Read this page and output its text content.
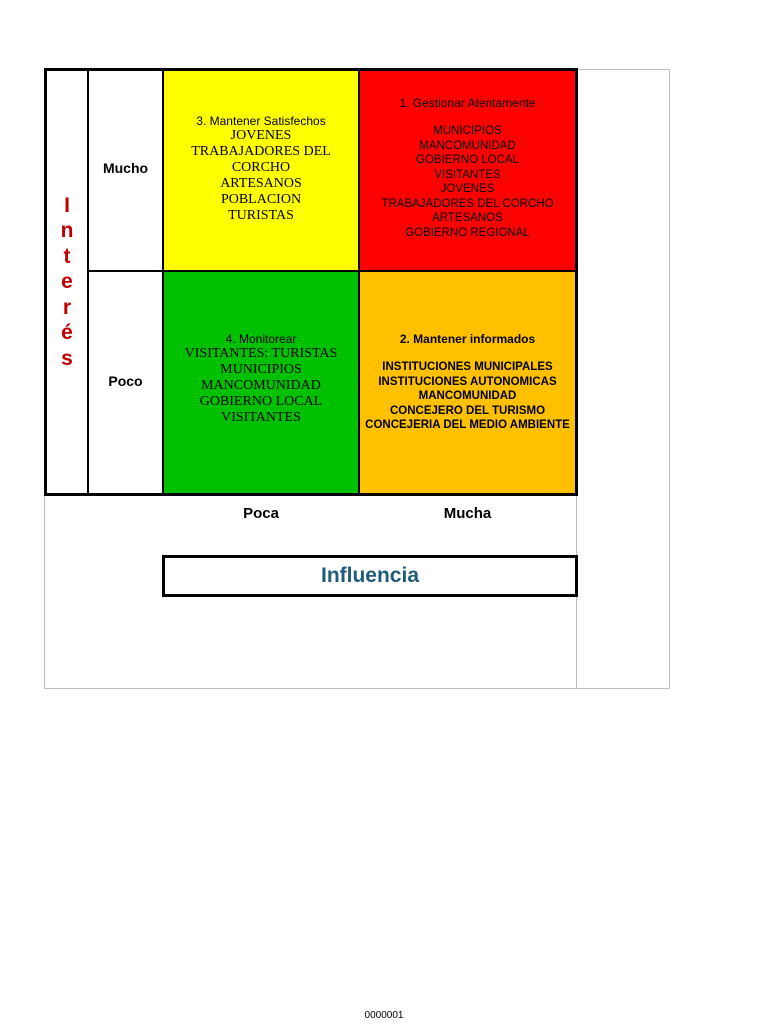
3. Mantener Satisfechos
JOVENES
TRABAJADORES DEL
CORCHO
ARTESANOS
POBLACION
TURISTAS
1. Gestionar Atentamente
MUNICIPIOS
MANCOMUNIDAD
GOBIERNO LOCAL
VISITANTES
JOVENES
TRABAJADORES DEL CORCHO
ARTESANOS
GOBIERNO REGIONAL
4. Monitorear
VISITANTES: TURISTAS
MUNICIPIOS
MANCOMUNIDAD
GOBIERNO LOCAL
VISITANTES
2. Mantener informados
INSTITUCIONES MUNICIPALES
INSTITUCIONES AUTONOMICAS
MANCOMUNIDAD
CONCEJERO DEL TURISMO
CONCEJERIA DEL MEDIO AMBIENTE
I
n
t
e
r
é
s
Mucho
Poco
Poca	Mucha
Influencia
0000001
